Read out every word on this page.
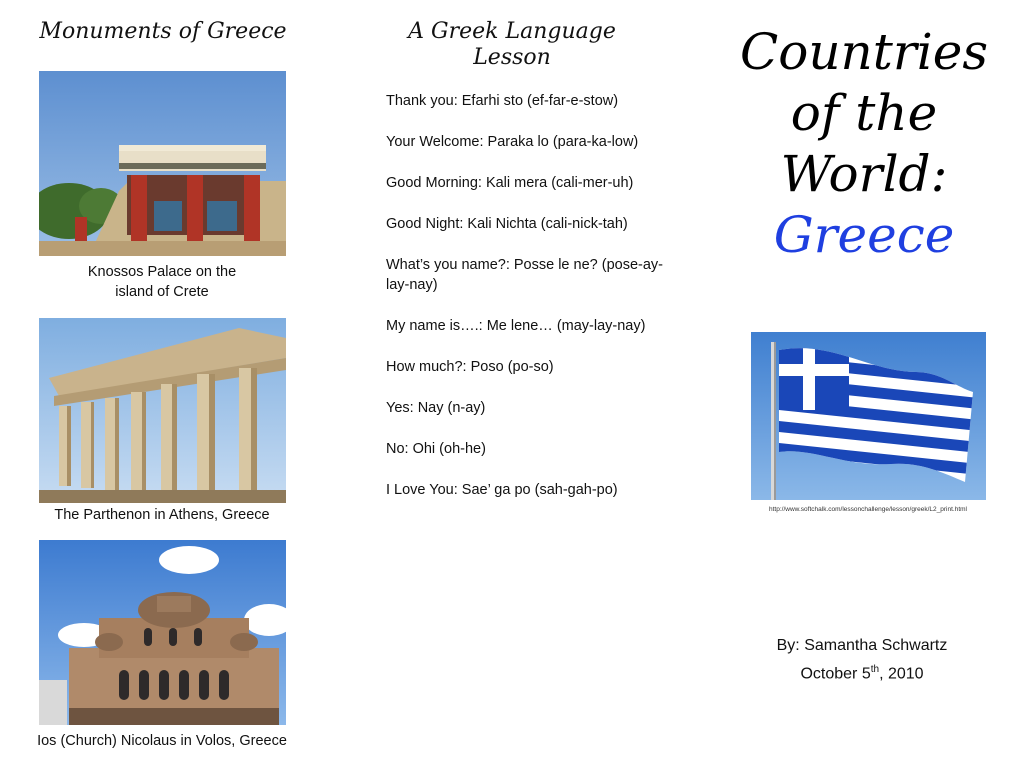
Monuments of Greece
Knossos Palace on the island of Crete
The Parthenon in Athens, Greece
Ios (Church) Nicolaus in Volos, Greece
A Greek Language Lesson

Thank you: Efarhi sto (ef-far-e-stow)

Your Welcome: Paraka lo (para-ka-low)

Good Morning: Kali mera (cali-mer-uh)

Good Night: Kali Nichta (cali-nick-tah)

What’s you name?: Posse le ne? (pose-ay-lay-nay)

My name is….: Me lene… (may-lay-nay)

How much?: Poso (po-so)

Yes: Nay (n-ay)

No: Ohi (oh-he)

I Love You: Sae’ ga po (sah-gah-po)

Countries
of the
World:
Greece
http://www.softchalk.com/lessonchallenge/lesson/greek/L2_print.html
By: Samantha Schwartz
October 5th, 2010
